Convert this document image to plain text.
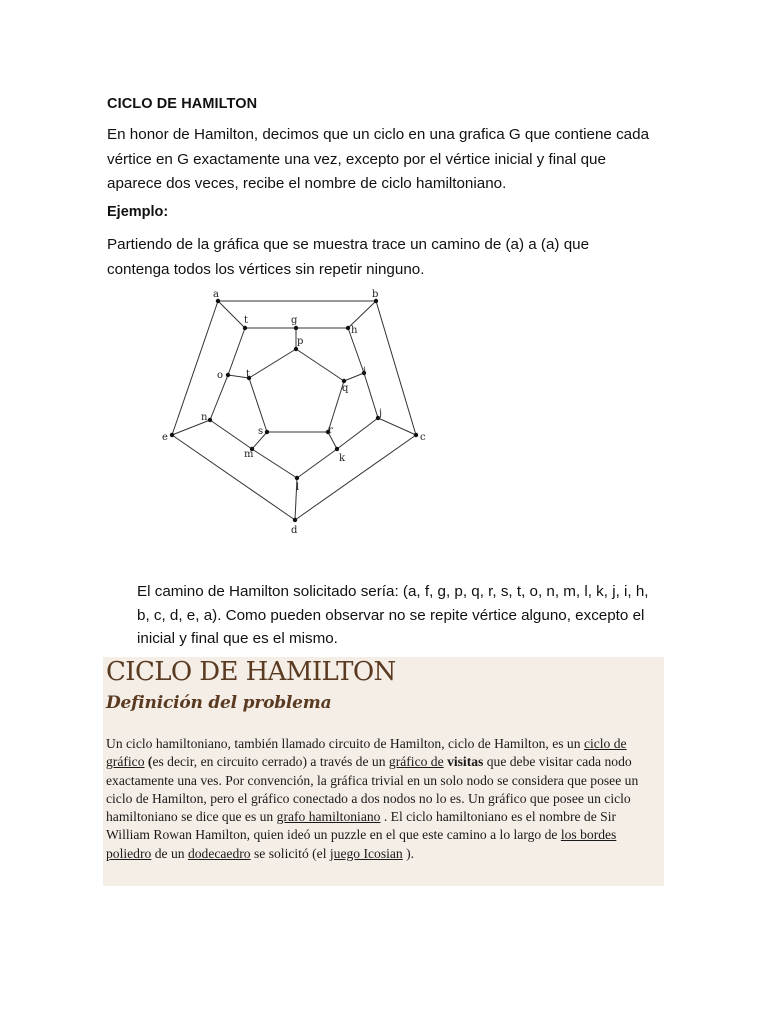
CICLO DE HAMILTON
En honor de Hamilton, decimos que un ciclo en una grafica G que contiene cada vértice en G exactamente una vez, excepto por el vértice inicial y final que aparece dos veces, recibe el nombre de ciclo hamiltoniano.
Ejemplo:
Partiendo de la gráfica que se muestra trace un camino de (a) a (a) que contenga todos los vértices sin repetir ninguno.
a	b
c
d
e
t	g
h
i
j
k
l
m
n
o t
p
q
r
s
El camino de Hamilton solicitado sería: (a, f, g, p, q, r, s, t, o, n, m, l, k, j, i, h, b, c, d, e, a). Como pueden observar no se repite vértice alguno, excepto el inicial y final que es el mismo.
CICLO DE HAMILTON
Definición del problema
Un ciclo hamiltoniano, también llamado circuito de Hamilton, ciclo de Hamilton, es un ciclo de gráfico (es decir, en circuito cerrado) a través de un gráfico de visitas que debe visitar cada nodo exactamente una ves. Por convención, la gráfica trivial en un solo nodo se considera que posee un ciclo de Hamilton, pero el gráfico conectado a dos nodos no lo es. Un gráfico que posee un ciclo hamiltoniano se dice que es un grafo hamiltoniano . El ciclo hamiltoniano es el nombre de Sir William Rowan Hamilton, quien ideó un puzzle en el que este camino a lo largo de los bordes poliedro de un dodecaedro se solicitó (el juego Icosian ).
